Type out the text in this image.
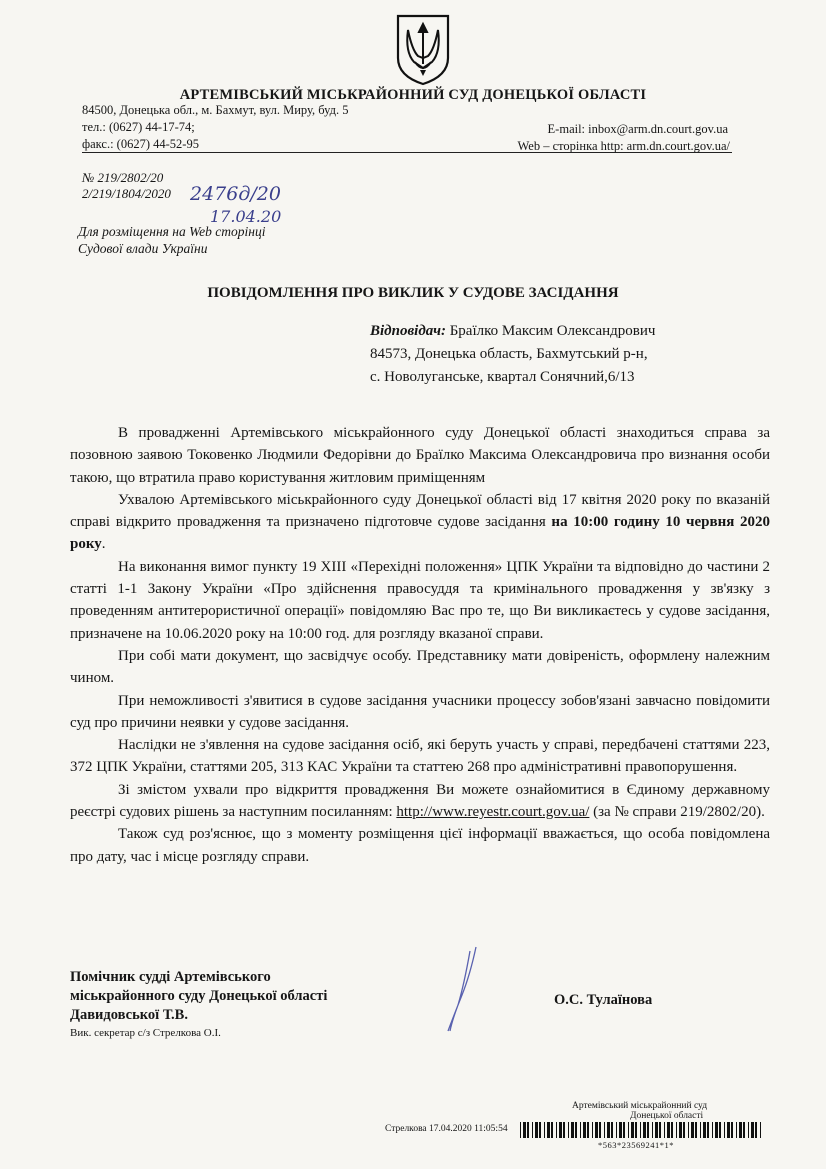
АРТЕМІВСЬКИЙ МІСЬКРАЙОННИЙ СУД ДОНЕЦЬКОЇ ОБЛАСТІ
84500, Донецька обл., м. Бахмут, вул. Миру, буд. 5
тел.: (0627) 44-17-74;
факс.: (0627) 44-52-95
E-mail: inbox@arm.dn.court.gov.ua
Web – сторінка http: arm.dn.court.gov.ua/
№ 219/2802/20
2/219/1804/2020 2476д/20
17.04.20
Для розміщення на Web сторінці
Судової влади України
ПОВІДОМЛЕННЯ ПРО ВИКЛИК У СУДОВЕ ЗАСІДАННЯ
Відповідач: Браїлко Максим Олександрович
84573, Донецька область, Бахмутський р-н,
с. Новолуганське, квартал Сонячний,6/13

В провадженні Артемівського міськрайонного суду Донецької області знаходиться справа за позовною заявою Токовенко Людмили Федорівни до Браїлко Максима Олександровича про визнання особи такою, що втратила право користування житловим приміщенням

Ухвалою Артемівського міськрайонного суду Донецької області від 17 квітня 2020 року по вказаній справі відкрито провадження та призначено підготовче судове засідання на 10:00 годину 10 червня 2020 року.

На виконання вимог пункту 19 XIII «Перехідні положення» ЦПК України та відповідно до частини 2 статті 1-1 Закону України «Про здійснення правосуддя та кримінального провадження у зв'язку з проведенням антитерористичної операції» повідомляю Вас про те, що Ви викликаєтесь у судове засідання, призначене на 10.06.2020 року на 10:00 год. для розгляду вказаної справи.

При собі мати документ, що засвідчує особу. Представнику мати довіреність, оформлену належним чином.

При неможливості з'явитися в судове засідання учасники процессу зобов'язані завчасно повідомити суд про причини неявки у судове засідання.

Наслідки не з'явлення на судове засідання осіб, які беруть участь у справі, передбачені статтями 223, 372 ЦПК України, статтями 205, 313 КАС України та статтею 268 про адміністративні правопорушення.

Зі змістом ухвали про відкриття провадження Ви можете ознайомитися в Єдиному державному реєстрі судових рішень за наступним посиланням: http://www.reyestr.court.gov.ua/ (за № справи 219/2802/20).

Також суд роз'яснює, що з моменту розміщення цієї інформації вважається, що особа повідомлена про дату, час і місце розгляду справи.

Помічник судді Артемівського
міськрайонного суду Донецької області
Давидовської Т.В.
Вик. секретар с/з Стрелкова О.І.
О.С. Тулаїнова
Артемівський міськрайонний суд
Донецької області
Стрелкова 17.04.2020 11:05:54
*563*23569241*1*
